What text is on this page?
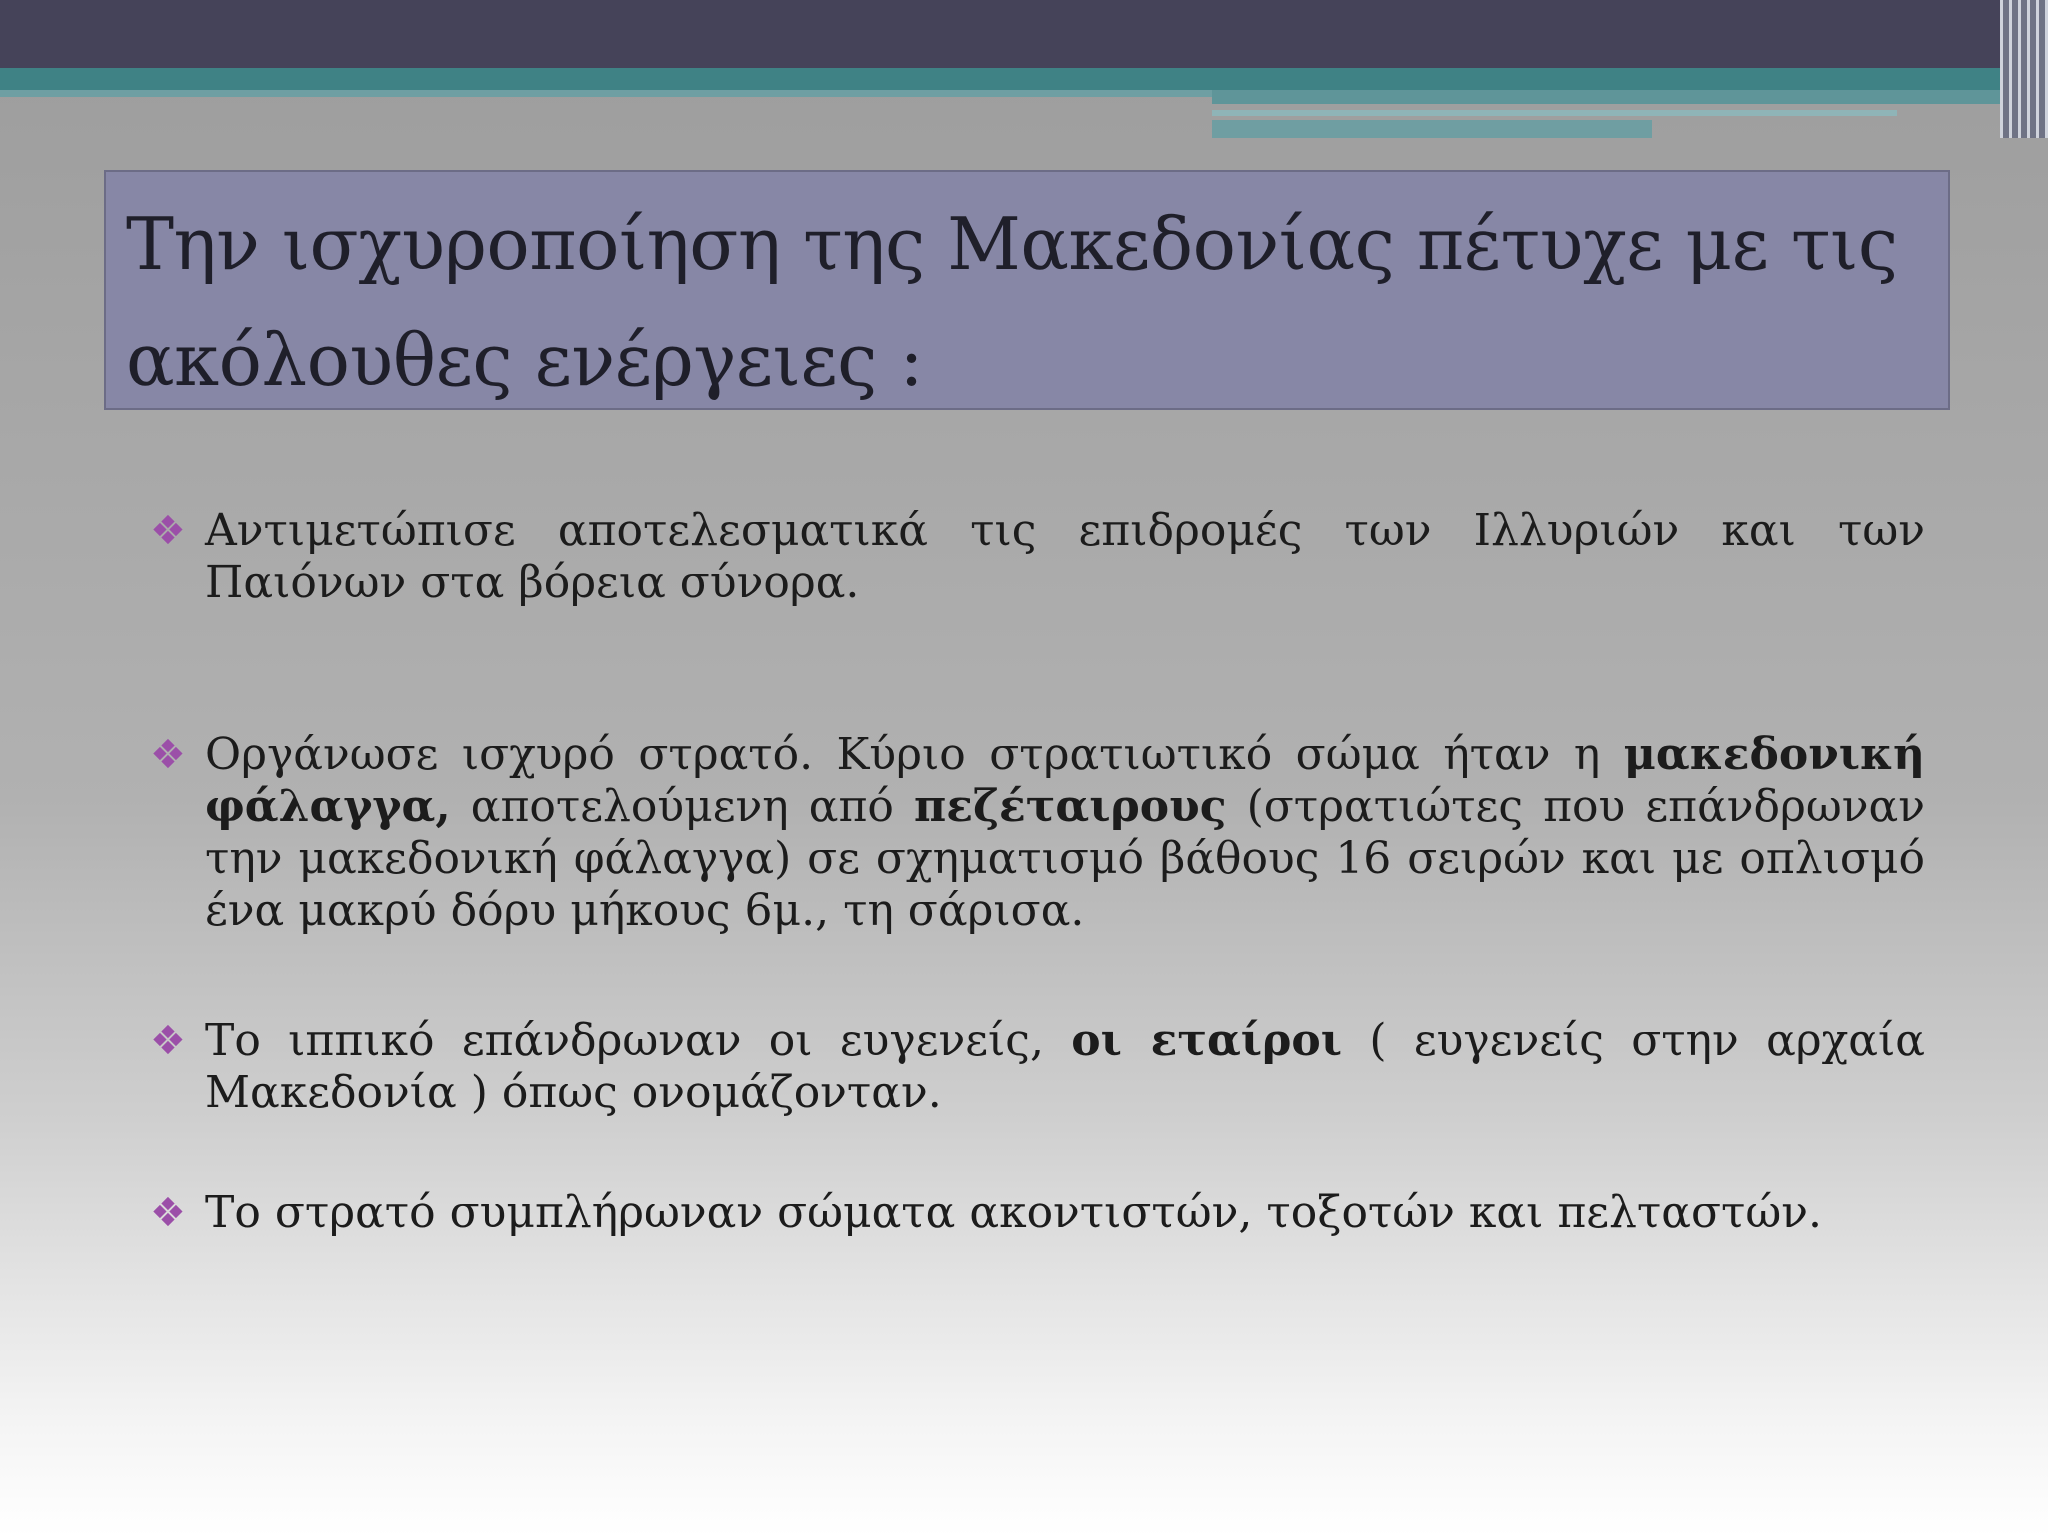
Την ισχυροποίηση της Μακεδονίας πέτυχε με τις ακόλουθες ενέργειες :
❖ Αντιμετώπισε αποτελεσματικά τις επιδρομές των Ιλλυριών και των Παιόνων στα βόρεια σύνορα.
❖ Οργάνωσε ισχυρό στρατό. Κύριο στρατιωτικό σώμα ήταν η μακεδονική φάλαγγα, αποτελούμενη από πεζέταιρους (στρατιώτες που επάνδρωναν την μακεδονική φάλαγγα) σε σχηματισμό βάθους 16 σειρών και με οπλισμό ένα μακρύ δόρυ μήκους 6μ., τη σάρισα.
❖ Το ιππικό επάνδρωναν οι ευγενείς, οι εταίροι ( ευγενείς στην αρχαία Μακεδονία ) όπως ονομάζονταν.
❖ Το στρατό συμπλήρωναν σώματα ακοντιστών, τοξοτών και πελταστών.
